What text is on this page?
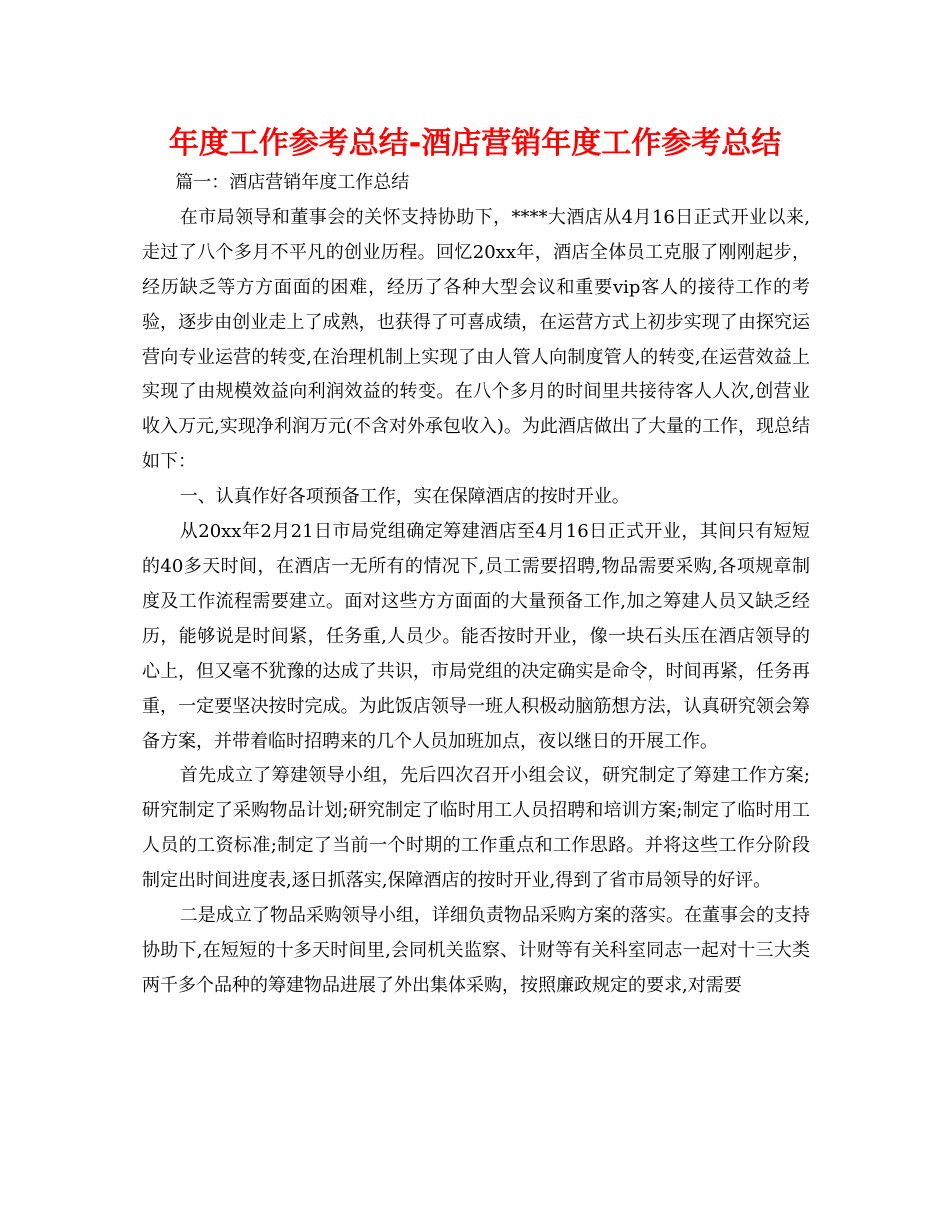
年度工作参考总结-酒店营销年度工作参考总结

篇一：酒店营销年度工作总结

在市局领导和董事会的关怀支持协助下，****大酒店从4月16日正式开业以来,走过了八个多月不平凡的创业历程。回忆20xx年，酒店全体员工克服了刚刚起步，经历缺乏等方方面面的困难，经历了各种大型会议和重要vip客人的接待工作的考验，逐步由创业走上了成熟，也获得了可喜成绩，在运营方式上初步实现了由探究运营向专业运营的转变,在治理机制上实现了由人管人向制度管人的转变,在运营效益上实现了由规模效益向利润效益的转变。在八个多月的时间里共接待客人人次,创营业收入万元,实现净利润万元(不含对外承包收入)。为此酒店做出了大量的工作，现总结如下：

一、认真作好各项预备工作，实在保障酒店的按时开业。

从20xx年2月21日市局党组确定筹建酒店至4月16日正式开业，其间只有短短的40多天时间，在酒店一无所有的情况下,员工需要招聘,物品需要采购,各项规章制度及工作流程需要建立。面对这些方方面面的大量预备工作,加之筹建人员又缺乏经历，能够说是时间紧，任务重,人员少。能否按时开业，像一块石头压在酒店领导的心上，但又毫不犹豫的达成了共识，市局党组的决定确实是命令，时间再紧，任务再重，一定要坚决按时完成。为此饭店领导一班人积极动脑筋想方法，认真研究领会筹备方案，并带着临时招聘来的几个人员加班加点，夜以继日的开展工作。

首先成立了筹建领导小组，先后四次召开小组会议，研究制定了筹建工作方案;研究制定了采购物品计划;研究制定了临时用工人员招聘和培训方案;制定了临时用工人员的工资标准;制定了当前一个时期的工作重点和工作思路。并将这些工作分阶段制定出时间进度表,逐日抓落实,保障酒店的按时开业,得到了省市局领导的好评。

二是成立了物品采购领导小组，详细负责物品采购方案的落实。在董事会的支持协助下,在短短的十多天时间里,会同机关监察、计财等有关科室同志一起对十三大类两千多个品种的筹建物品进展了外出集体采购，按照廉政规定的要求,对需要
